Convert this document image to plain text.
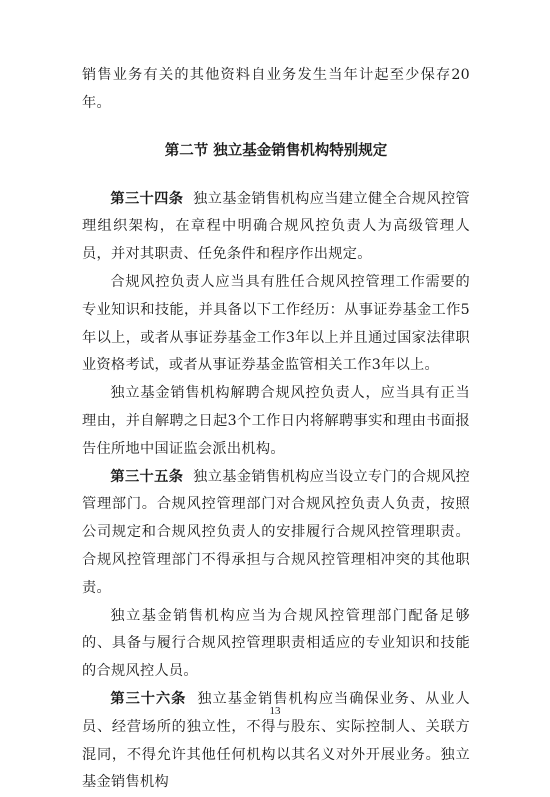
销售业务有关的其他资料自业务发生当年计起至少保存20年。

第二节 独立基金销售机构特别规定

第三十四条 独立基金销售机构应当建立健全合规风控管理组织架构，在章程中明确合规风控负责人为高级管理人员，并对其职责、任免条件和程序作出规定。

合规风控负责人应当具有胜任合规风控管理工作需要的专业知识和技能，并具备以下工作经历：从事证券基金工作5年以上，或者从事证券基金工作3年以上并且通过国家法律职业资格考试，或者从事证券基金监管相关工作3年以上。

独立基金销售机构解聘合规风控负责人，应当具有正当理由，并自解聘之日起3个工作日内将解聘事实和理由书面报告住所地中国证监会派出机构。

第三十五条 独立基金销售机构应当设立专门的合规风控管理部门。合规风控管理部门对合规风控负责人负责，按照公司规定和合规风控负责人的安排履行合规风控管理职责。合规风控管理部门不得承担与合规风控管理相冲突的其他职责。

独立基金销售机构应当为合规风控管理部门配备足够的、具备与履行合规风控管理职责相适应的专业知识和技能的合规风控人员。

第三十六条 独立基金销售机构应当确保业务、从业人员、经营场所的独立性，不得与股东、实际控制人、关联方混同，不得允许其他任何机构以其名义对外开展业务。独立基金销售机构

13
